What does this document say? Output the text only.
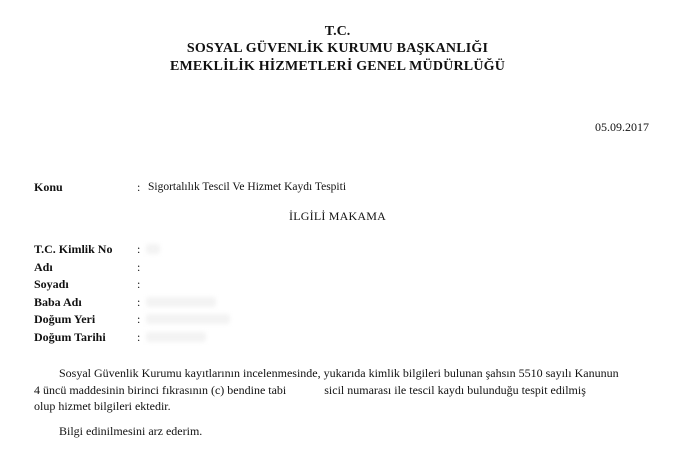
T.C.
SOSYAL GÜVENLİK KURUMU BAŞKANLIĞI
EMEKLİLİK HİZMETLERİ GENEL MÜDÜRLÜĞÜ
05.09.2017
Konu	: Sigortalılık Tescil Ve Hizmet Kaydı Tespiti
İLGİLİ MAKAMA
T.C. Kimlik No :
Adı	:
Soyadı	:
Baba Adı	:
Doğum Yeri	:
Doğum Tarihi	:
Sosyal Güvenlik Kurumu kayıtlarının incelenmesinde, yukarıda kimlik bilgileri bulunan şahsın 5510 sayılı Kanunun
4 üncü maddesinin birinci fıkrasının (c) bendine tabi	sicil numarası ile tescil kaydı bulunduğu tespit edilmiş
olup hizmet bilgileri ektedir.
Bilgi edinilmesini arz ederim.
